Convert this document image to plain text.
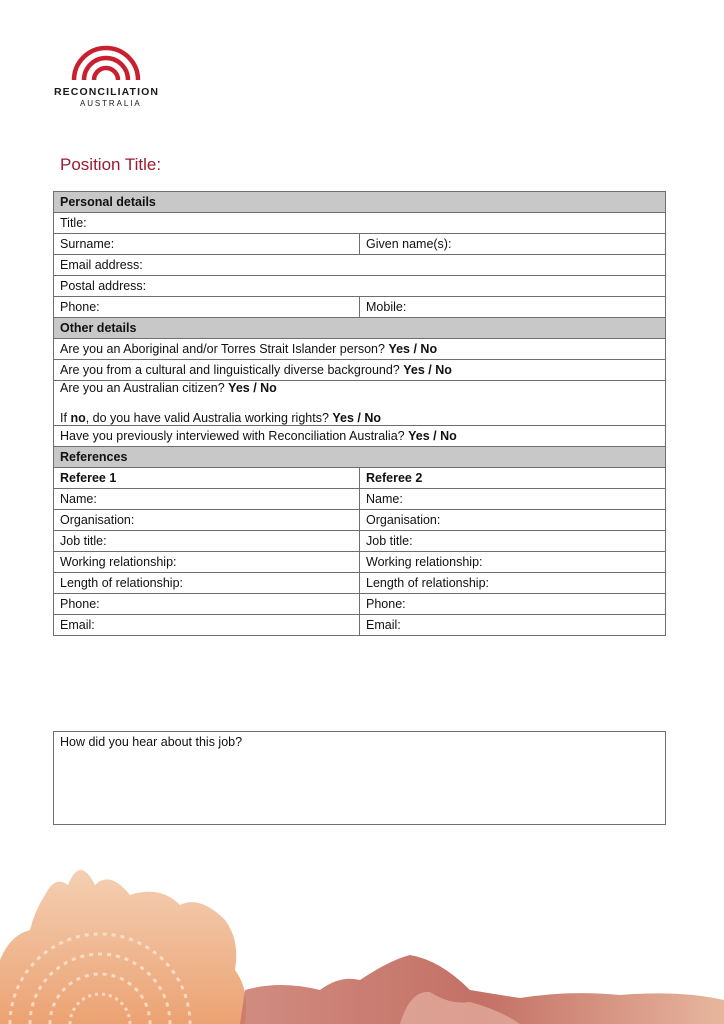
RECONCILIATION
AUSTRALIA
Position Title:
Personal details	
Title:	
Surname:	Given name(s):
Email address:	
Postal address:	
Phone:	Mobile:
Other details	
Are you an Aboriginal and/or Torres Strait Islander person? Yes / No	
Are you from a cultural and linguistically diverse background? Yes / No	

Are you an Australian citizen? Yes / No

If no, do you have valid Australia working rights? Yes / No	

Have you previously interviewed with Reconciliation Australia? Yes / No	
References	
Referee 1	Referee 2
Name:	Name:
Organisation:	Organisation:
Job title:	Job title:
Working relationship:	Working relationship:
Length of relationship:	Length of relationship:
Phone:	Phone:
Email:	Email:
How did you hear about this job?
